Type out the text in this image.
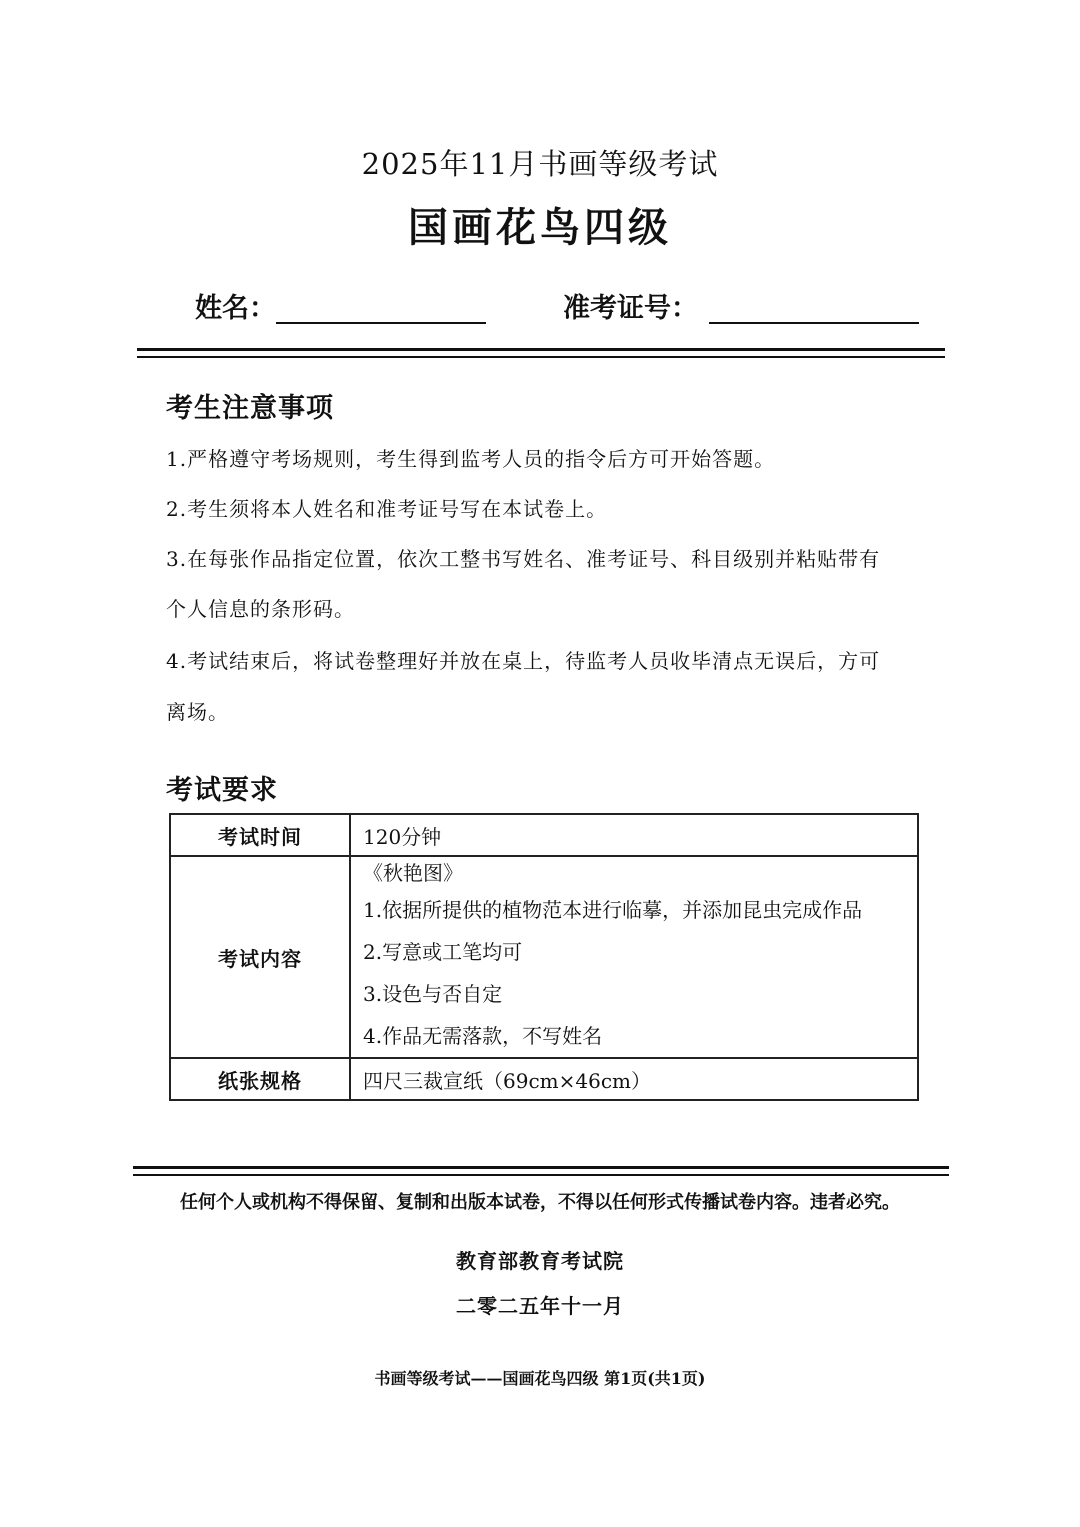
2025年11月书画等级考试
国画花鸟四级
姓名：	准考证号：
考生注意事项
1.严格遵守考场规则，考生得到监考人员的指令后方可开始答题。
2.考生须将本人姓名和准考证号写在本试卷上。
3.在每张作品指定位置，依次工整书写姓名、准考证号、科目级别并粘贴带有
个人信息的条形码。
4.考试结束后，将试卷整理好并放在桌上，待监考人员收毕清点无误后，方可
离场。
考试要求
考试时间	120分钟
考试内容	《秋艳图》
1.依据所提供的植物范本进行临摹，并添加昆虫完成作品
2.写意或工笔均可
3.设色与否自定
4.作品无需落款，不写姓名

纸张规格	四尺三裁宣纸（69cm×46cm）
任何个人或机构不得保留、复制和出版本试卷，不得以任何形式传播试卷内容。违者必究。
教育部教育考试院
二零二五年十一月
书画等级考试——国画花鸟四级 第1页(共1页)
